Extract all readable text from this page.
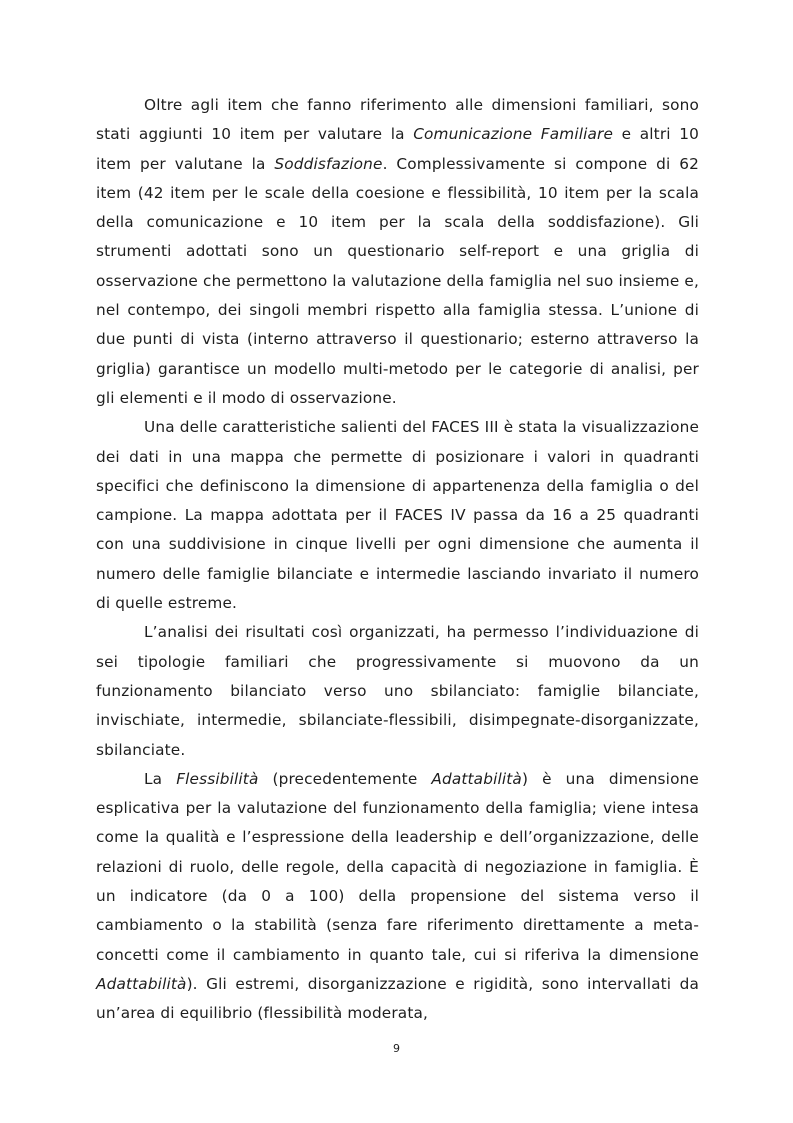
Oltre agli item che fanno riferimento alle dimensioni familiari, sono stati aggiunti 10 item per valutare la Comunicazione Familiare e altri 10 item per valutane la Soddisfazione. Complessivamente si compone di 62 item (42 item per le scale della coesione e flessibilità, 10 item per la scala della comunicazione e 10 item per la scala della soddisfazione). Gli strumenti adottati sono un questionario self-report e una griglia di osservazione che permettono la valutazione della famiglia nel suo insieme e, nel contempo, dei singoli membri rispetto alla famiglia stessa. L’unione di due punti di vista (interno attraverso il questionario; esterno attraverso la griglia) garantisce un modello multi-metodo per le categorie di analisi, per gli elementi e il modo di osservazione.

Una delle caratteristiche salienti del FACES III è stata la visualizzazione dei dati in una mappa che permette di posizionare i valori in quadranti specifici che definiscono la dimensione di appartenenza della famiglia o del campione. La mappa adottata per il FACES IV passa da 16 a 25 quadranti con una suddivisione in cinque livelli per ogni dimensione che aumenta il numero delle famiglie bilanciate e intermedie lasciando invariato il numero di quelle estreme.

L’analisi dei risultati così organizzati, ha permesso l’individuazione di sei tipologie familiari che progressivamente si muovono da un funzionamento bilanciato verso uno sbilanciato: famiglie bilanciate, invischiate, intermedie, sbilanciate-flessibili, disimpegnate-disorganizzate, sbilanciate.

La Flessibilità (precedentemente Adattabilità) è una dimensione esplicativa per la valutazione del funzionamento della famiglia; viene intesa come la qualità e l’espressione della leadership e dell’organizzazione, delle relazioni di ruolo, delle regole, della capacità di negoziazione in famiglia. È un indicatore (da 0 a 100) della propensione del sistema verso il cambiamento o la stabilità (senza fare riferimento direttamente a meta-concetti come il cambiamento in quanto tale, cui si riferiva la dimensione Adattabilità). Gli estremi, disorganizzazione e rigidità, sono intervallati da un’area di equilibrio (flessibilità moderata,

9
